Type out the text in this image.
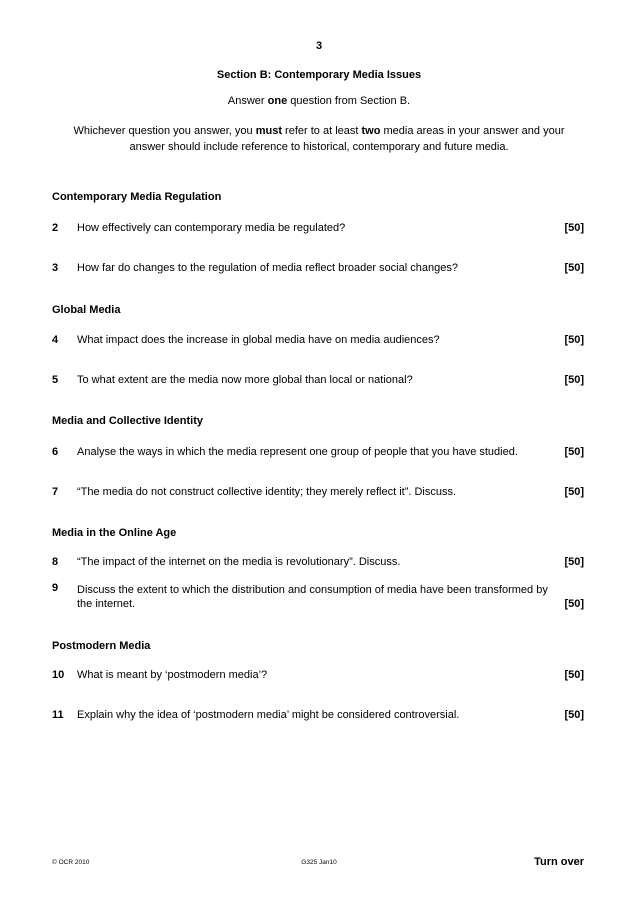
3
Section B: Contemporary Media Issues
Answer one question from Section B.
Whichever question you answer, you must refer to at least two media areas in your answer and your answer should include reference to historical, contemporary and future media.
Contemporary Media Regulation
2 How effectively can contemporary media be regulated?	[50]
3 How far do changes to the regulation of media reflect broader social changes?	[50]
Global Media
4 What impact does the increase in global media have on media audiences?	[50]
5 To what extent are the media now more global than local or national?	[50]
Media and Collective Identity
6 Analyse the ways in which the media represent one group of people that you have studied.	[50]
7 “The media do not construct collective identity; they merely reflect it”. Discuss.	[50]
Media in the Online Age
8 “The impact of the internet on the media is revolutionary”. Discuss.	[50]
9 Discuss the extent to which the distribution and consumption of media have been transformed by
the internet.	[50]
Postmodern Media
10 What is meant by ‘postmodern media’?	[50]
11 Explain why the idea of ‘postmodern media’ might be considered controversial.	[50]
© OCR 2010	G325 Jan10	Turn over
